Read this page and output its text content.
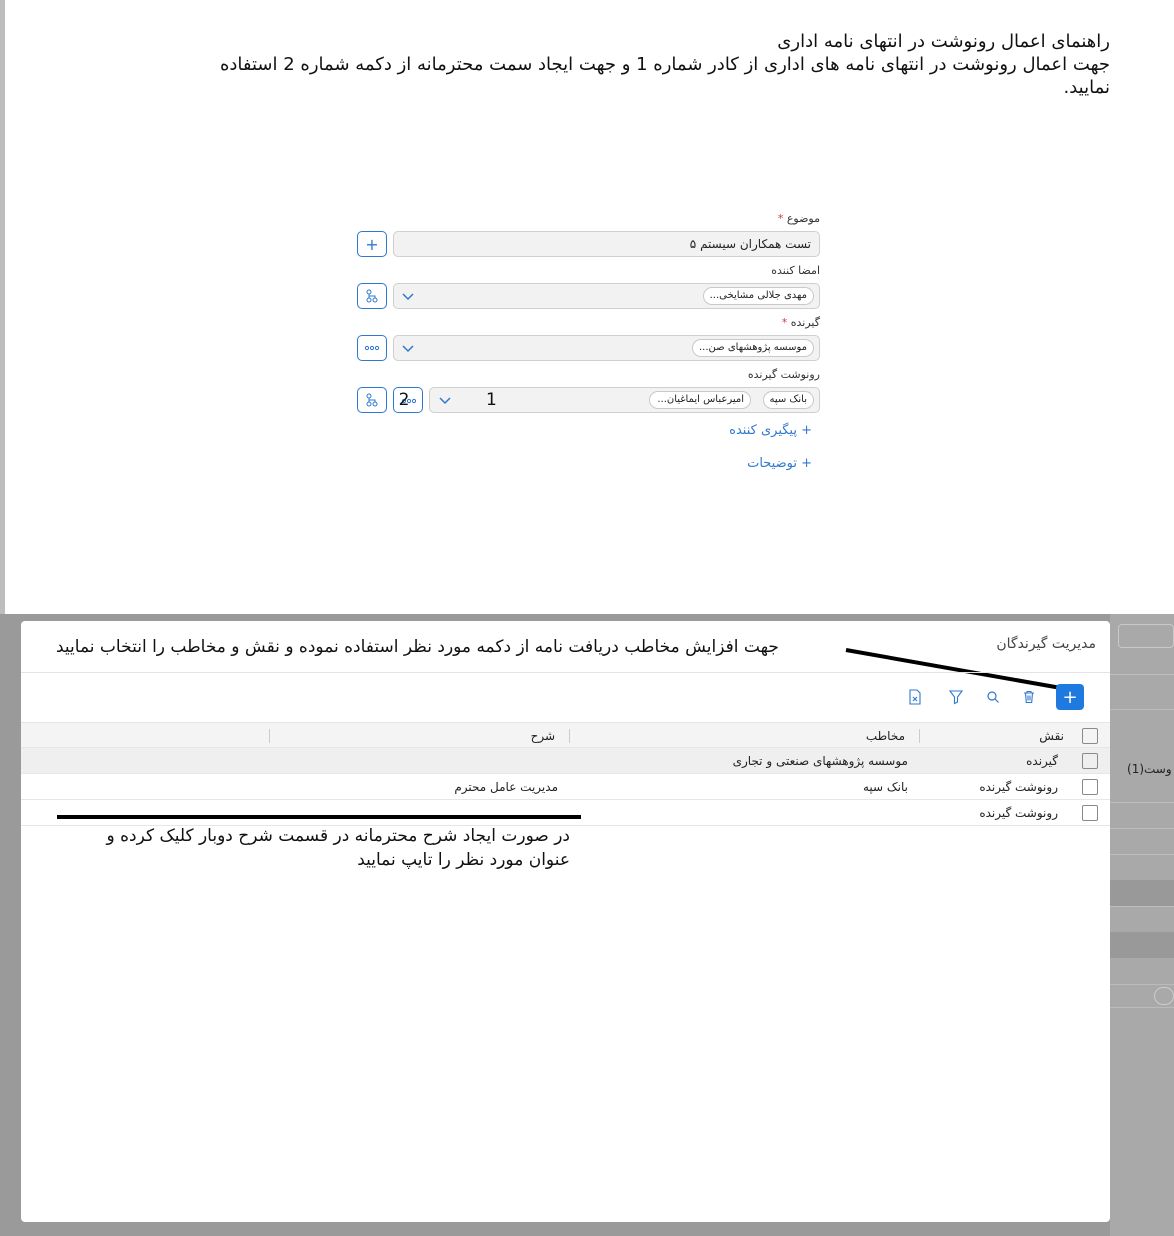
راهنمای اعمال رونوشت در انتهای نامه اداری
جهت اعمال رونوشت در انتهای نامه های اداری از کادر شماره 1 و جهت ایجاد سمت محترمانه از دکمه شماره 2 استفاده نمایید.
موضوع *
تست همکاران سیستم ۵
+
امضا کننده
مهدی جلالی مشایخی...
گیرنده *
موسسه پژوهشهای صن...
رونوشت گیرنده
بانک سپه
امیرعباس ایماغیان...
1
2
+ پیگیری کننده
+ توضیحات
وست(1)
مدیریت گیرندگان
جهت افزایش مخاطب دریافت نامه از دکمه مورد نظر استفاده نموده و نقش و مخاطب را انتخاب نمایید
+
نقش
مخاطب
شرح
گیرنده
موسسه پژوهشهای صنعتی و تجاری
رونوشت گیرنده
بانک سپه
مدیریت عامل محترم
رونوشت گیرنده
در صورت ایجاد شرح محترمانه در قسمت شرح دوبار کلیک کرده و عنوان مورد نظر را تایپ نمایید
